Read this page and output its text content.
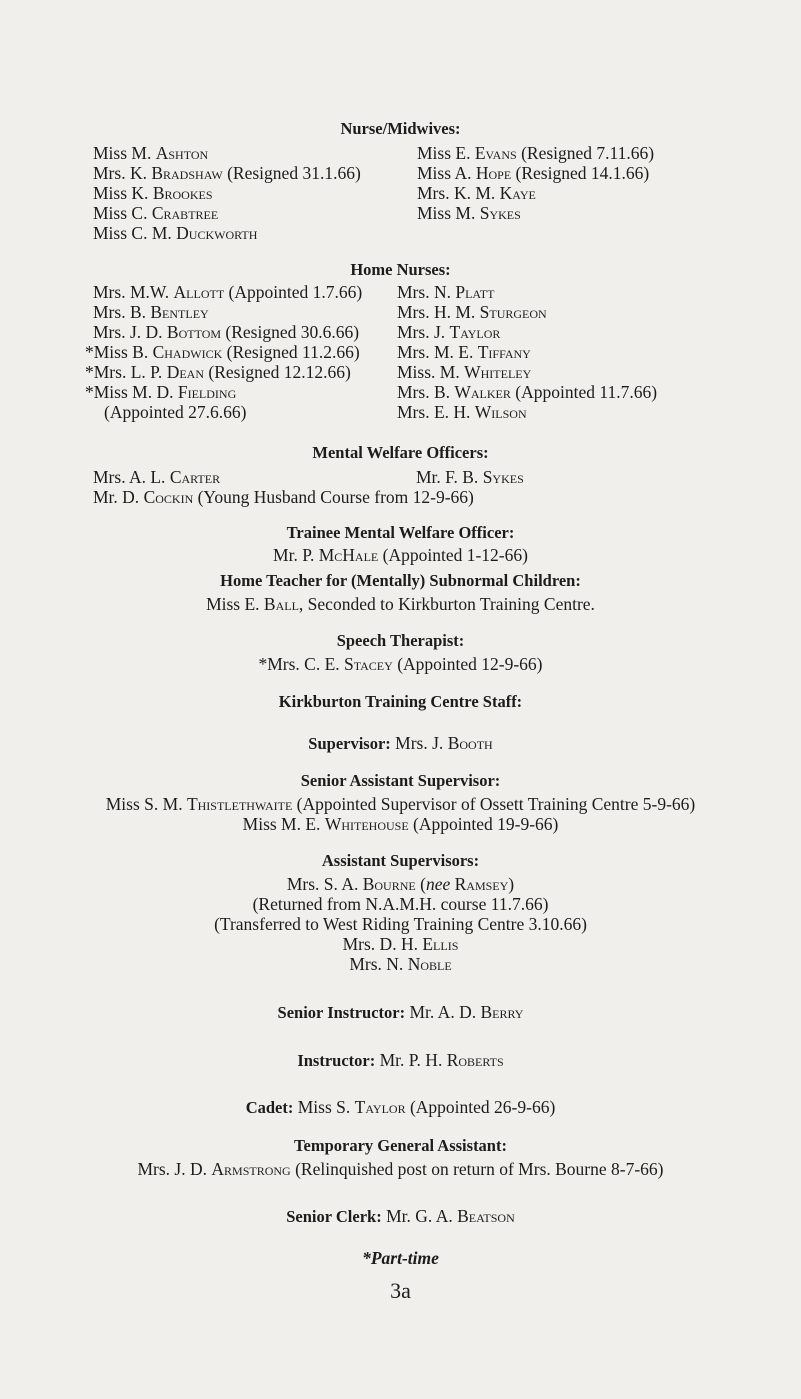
Nurse/Midwives:
Miss M. Ashton
Mrs. K. Bradshaw (Resigned 31.1.66)
Miss K. Brookes
Miss C. Crabtree
Miss C. M. Duckworth
Miss E. Evans (Resigned 7.11.66)
Miss A. Hope (Resigned 14.1.66)
Mrs. K. M. Kaye
Miss M. Sykes
Home Nurses:
Mrs. M.W. Allott (Appointed 1.7.66)
Mrs. B. Bentley
Mrs. J. D. Bottom (Resigned 30.6.66)
*Miss B. Chadwick (Resigned 11.2.66)
*Mrs. L. P. Dean (Resigned 12.12.66)
*Miss M. D. Fielding
(Appointed 27.6.66)
Mrs. N. Platt
Mrs. H. M. Sturgeon
Mrs. J. Taylor
Mrs. M. E. Tiffany
Miss. M. Whiteley
Mrs. B. Walker (Appointed 11.7.66)
Mrs. E. H. Wilson
Mental Welfare Officers:
Mrs. A. L. Carter	Mr. F. B. Sykes
Mr. D. Cockin (Young Husband Course from 12-9-66)
Trainee Mental Welfare Officer:
Mr. P. McHale (Appointed 1-12-66)
Home Teacher for (Mentally) Subnormal Children:
Miss E. Ball, Seconded to Kirkburton Training Centre.
Speech Therapist:
*Mrs. C. E. Stacey (Appointed 12-9-66)
Kirkburton Training Centre Staff:
Supervisor: Mrs. J. Booth
Senior Assistant Supervisor:
Miss S. M. Thistlethwaite (Appointed Supervisor of Ossett Training Centre 5-9-66)
Miss M. E. Whitehouse (Appointed 19-9-66)
Assistant Supervisors:
Mrs. S. A. Bourne (nee Ramsey)
(Returned from N.A.M.H. course 11.7.66)
(Transferred to West Riding Training Centre 3.10.66)
Mrs. D. H. Ellis
Mrs. N. Noble
Senior Instructor: Mr. A. D. Berry
Instructor: Mr. P. H. Roberts
Cadet: Miss S. Taylor (Appointed 26-9-66)
Temporary General Assistant:
Mrs. J. D. Armstrong (Relinquished post on return of Mrs. Bourne 8-7-66)
Senior Clerk: Mr. G. A. Beatson
*Part-time
3a
